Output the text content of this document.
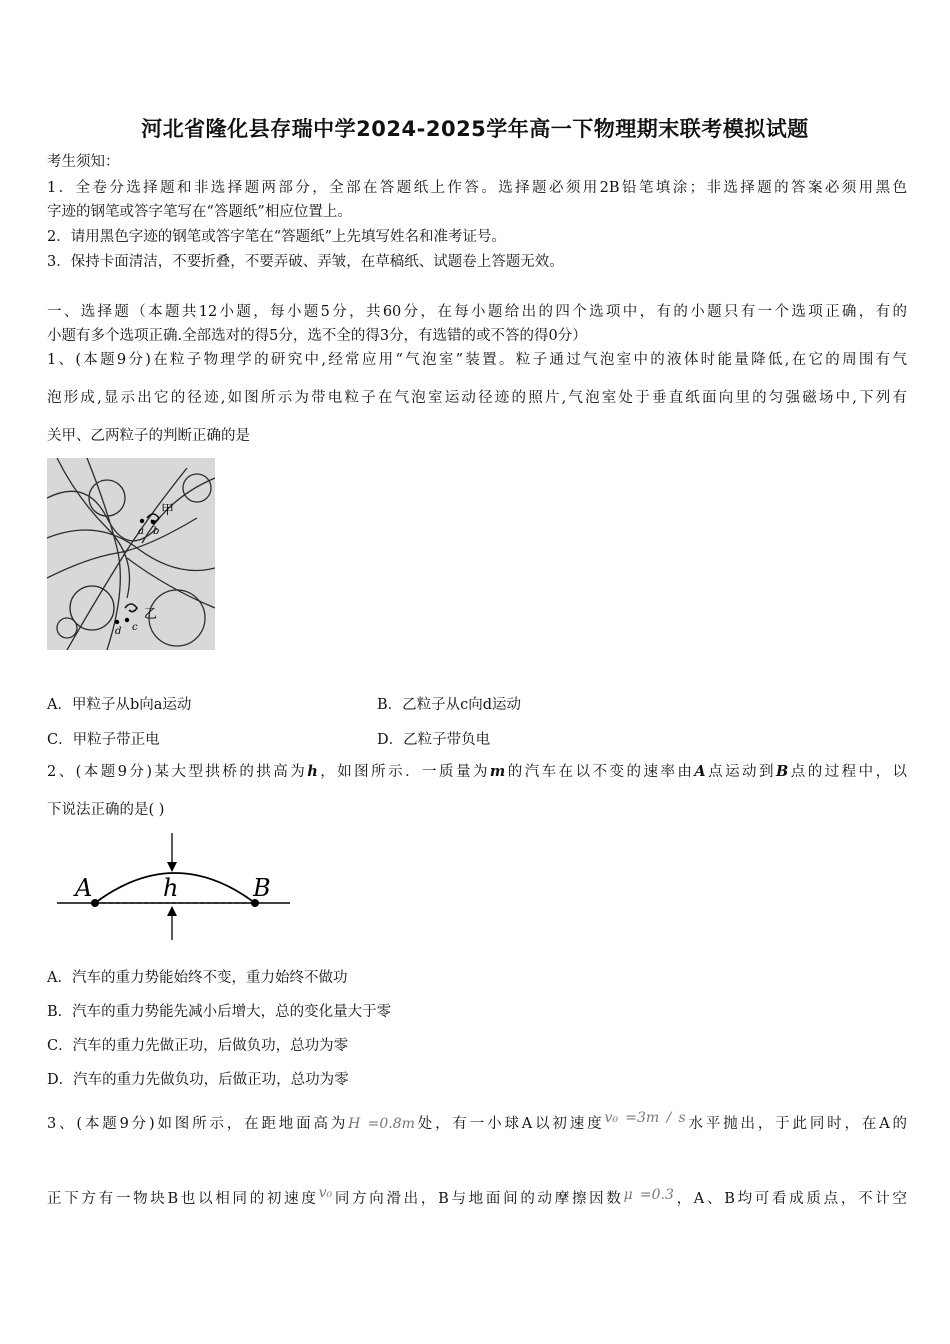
河北省隆化县存瑞中学2024-2025学年高一下物理期末联考模拟试题
考生须知：
1．全卷分选择题和非选择题两部分，全部在答题纸上作答。选择题必须用2B铅笔填涂；非选择题的答案必须用黑色
字迹的钢笔或答字笔写在“答题纸”相应位置上。
2．请用黑色字迹的钢笔或答字笔在“答题纸”上先填写姓名和准考证号。
3．保持卡面清洁，不要折叠，不要弄破、弄皱，在草稿纸、试题卷上答题无效。
一、选择题（本题共12小题，每小题5分，共60分，在每小题给出的四个选项中，有的小题只有一个选项正确，有的
小题有多个选项正确.全部选对的得5分，选不全的得3分，有选错的或不答的得0分）
1、(本题9分)在粒子物理学的研究中,经常应用“气泡室”装置。粒子通过气泡室中的液体时能量降低,在它的周围有气
泡形成,显示出它的径迹,如图所示为带电粒子在气泡室运动径迹的照片,气泡室处于垂直纸面向里的匀强磁场中,下列有
关甲、乙两粒子的判断正确的是
甲
乙
a b
c
d
A．甲粒子从b向a运动	B．乙粒子从c向d运动
C．甲粒子带正电	D．乙粒子带负电
2、(本题9分)某大型拱桥的拱高为h，如图所示．一质量为m的汽车在以不变的速率由A点运动到B点的过程中，以
下说法正确的是( )
A	h	B
A．汽车的重力势能始终不变，重力始终不做功
B．汽车的重力势能先减小后增大，总的变化量大于零
C．汽车的重力先做正功，后做负功，总功为零
D．汽车的重力先做负功，后做正功，总功为零
3、(本题9分)如图所示，在距地面高为H =0.8m处，有一小球A以初速度v₀ =3m / s水平抛出，于此同时，在A的
正下方有一物块B也以相同的初速度v₀同方向滑出，B与地面间的动摩擦因数μ =0.3，A、B均可看成质点，不计空
